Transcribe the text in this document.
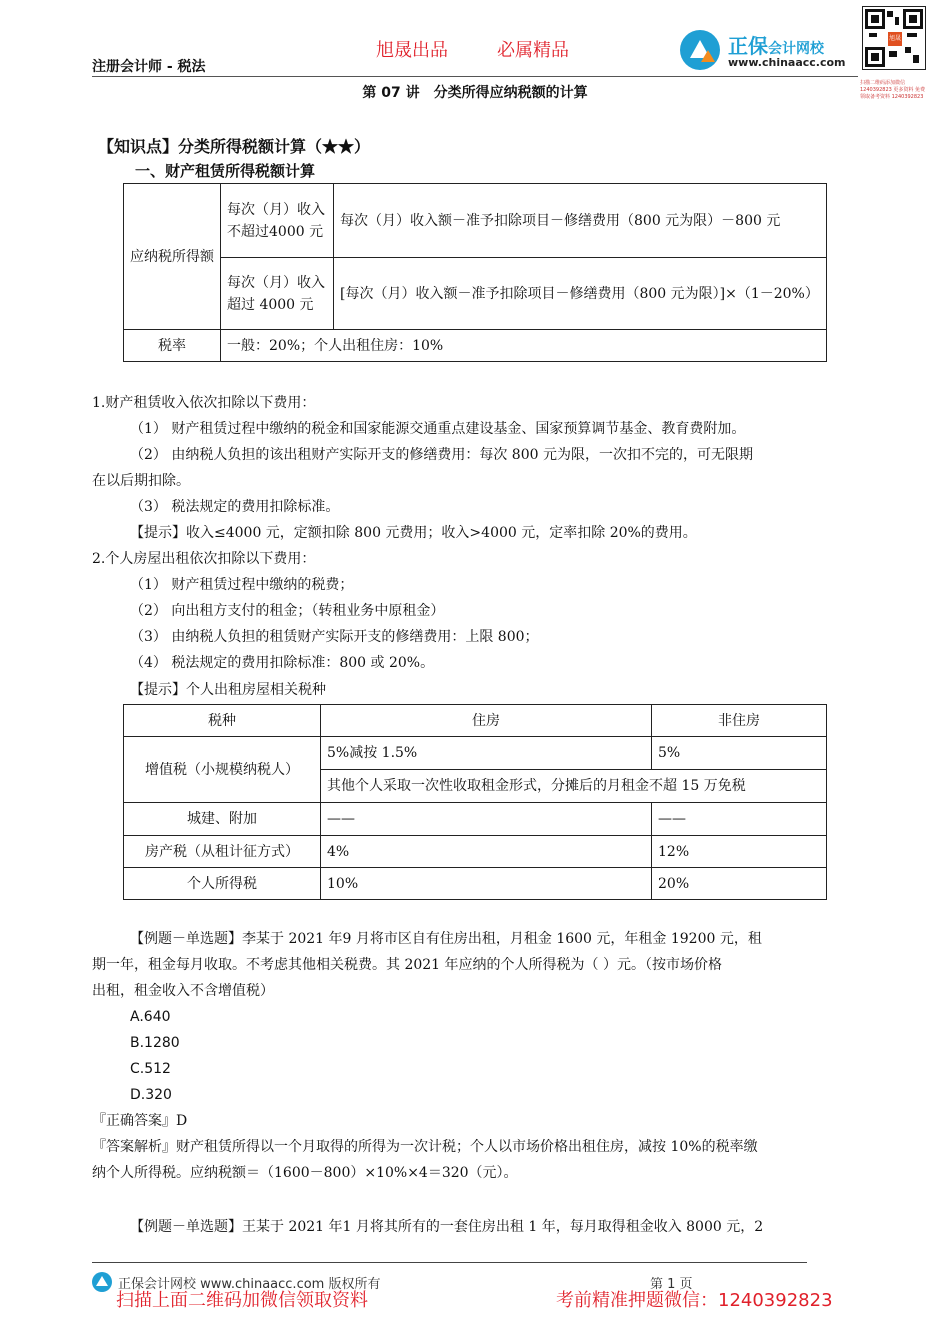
注册会计师 - 税法
旭晟出品	必属精品	正保会计网校
www.chinaacc.com
旭晟
扫描二维码添加微信 1240392823 更多资料 免费领取备考资料 1240392823
第 07 讲　分类所得应纳税额的计算
【知识点】分类所得税额计算（★★）
一、财产租赁所得税额计算
应纳税所得额	每次（月）收入不超过4000 元	每次（月）收入额－准予扣除项目－修缮费用（800 元为限）－800 元
	每次（月）收入超过 4000 元	[每次（月）收入额－准予扣除项目－修缮费用（800 元为限）]×（1－20%）
税率	一般：20%；个人出租住房：10%	
1.财产租赁收入依次扣除以下费用：
（1） 财产租赁过程中缴纳的税金和国家能源交通重点建设基金、国家预算调节基金、教育费附加。
（2） 由纳税人负担的该出租财产实际开支的修缮费用：每次 800 元为限，一次扣不完的，可无限期
在以后期扣除。
（3） 税法规定的费用扣除标准。
【提示】收入≤4000 元，定额扣除 800 元费用；收入>4000 元，定率扣除 20%的费用。
2.个人房屋出租依次扣除以下费用：
（1） 财产租赁过程中缴纳的税费；
（2） 向出租方支付的租金；（转租业务中原租金）
（3） 由纳税人负担的租赁财产实际开支的修缮费用：上限 800；
（4） 税法规定的费用扣除标准：800 或 20%。
【提示】个人出租房屋相关税种
税种	住房	非住房
增值税（小规模纳税人）	5%减按 1.5%	5%
	其他个人采取一次性收取租金形式，分摊后的月租金不超 15 万免税	
城建、附加	——	——
房产税（从租计征方式）	4%	12%
个人所得税	10%	20%
【例题－单选题】李某于 2021 年9 月将市区自有住房出租，月租金 1600 元，年租金 19200 元，租
期一年，租金每月收取。不考虑其他相关税费。其 2021 年应纳的个人所得税为（ ）元。（按市场价格
出租，租金收入不含增值税）
A.640
B.1280
C.512
D.320
『正确答案』D
『答案解析』财产租赁所得以一个月取得的所得为一次计税；个人以市场价格出租住房，减按 10%的税率缴
纳个人所得税。应纳税额＝（1600－800）×10%×4＝320（元）。
【例题－单选题】王某于 2021 年1 月将其所有的一套住房出租 1 年，每月取得租金收入 8000 元，2
正保会计网校 www.chinaacc.com 版权所有	第 1 页
扫描上面二维码加微信领取资料	考前精准押题微信：1240392823
